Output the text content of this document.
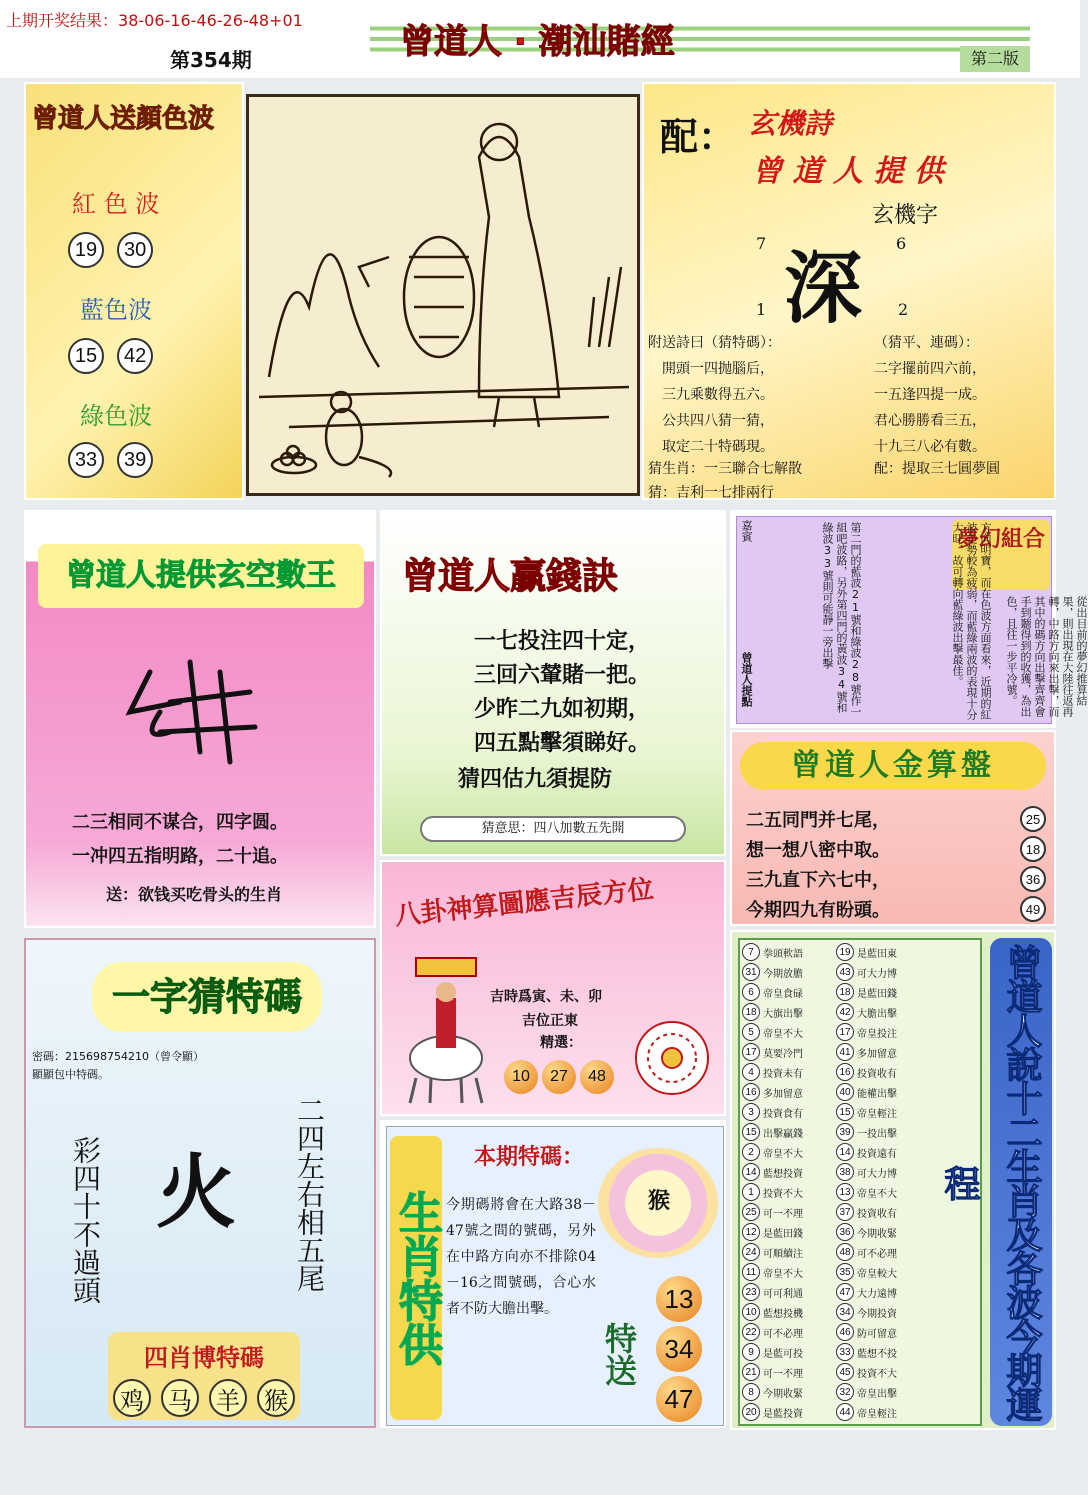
上期开奖结果：38-06-16-46-26-48+01
第354期	曾道人 · 潮汕賭經	第二版
曾道人送顏色波
紅 色 波
19 30
藍色波
15 42
綠色波
33 39
配： 玄機詩
曾 道 人 提 供
玄機字
7	6
深
1	2
附送詩曰（猜特碼）：	（猜平、連碼）：
開頭一四抛腦后，
三九乘數得五六。
公共四八猜一猜，
取定二十特碼現。
二字擺前四六前，
一五逢四提一成。
君心勝勝看三五，
十九三八必有數。
猜生肖：一三聯合七解散	配：提取三七圓夢圓
猜：吉利一七排兩行
曾道人提供玄空數王
二三相同不谋合，四字圆。
一冲四五指明路，二十追。
送：欲钱买吃骨头的生肖
曾道人贏錢訣
一七投注四十定，
三回六輦賭一把。
少昨二九如初期，
四五點擊須睇好。
猜四估九須提防
猜意思：四八加數五先開
夢幻組合
從出目前的夢幻推算結果，則出現在大陸往返再轉，中路方向來出擊，而其中的碼方向出擊齊齊會手到聽得到的收獲，為出色，且往一步平冷號。
方向明寶，而在色波方面看來，近期的紅波走勢較為疲弱，而藍綠兩波的表現十分大旺，故可轉向藍綠波出擊最佳。
第二門的藍波21號和綠波28號作一組吧波路，另外第四門的黃波34號和綠波33號則可能靜一旁出擊
曾道人提點
嘉賓
曾道人金算盤
二五同門并七尾，	25
想一想八密中取。	18
三九直下六七中，	36
今期四九有盼頭。	49
一字猜特碼
密碼：215698754210（曾令顯）
顯顯包中特碼。
火
彩四十不過頭	二四左右相五尾
四肖博特碼
鸡 马 羊 猴
八卦神算圖應吉辰方位
吉時爲寅、未、卯
吉位正東
精選：
10	27	48
生肖特供
本期特碼：
今期碼將會在大路38－47號之間的號碼，另外在中路方向亦不排除04－16之間號碼，合心水者不防大膽出擊。
猴
特送
13
34
47
7 拳頭軟語
31 今期放膽
6 帝皇食碌
18 大旗出擊
5 帝皇不大
17 莫要冷門
4 投資未有
16 多加留意
3 投資食有
15 出擊贏錢
2 帝皇不大
14 藍想投資
1 投資不大
25 可一不理
12 是藍田錢
24 可順續注
11 帝皇不大
23 可可利通
10 藍想投機
22 可不必理
9 是藍可投
21 可一不理
8 今期收緊
20 是藍投資
19 是藍田東
43 可大力博
18 是藍田錢
42 大膽出擊
17 帝皇投注
41 多加留意
16 投資收有
40 能權出擊
15 帝皇輕注
39 一投出擊
14 投資遠有
38 可大力博
13 帝皇不大
37 投資收有
36 今期收緊
48 可不必理
35 帝皇較大
47 大力遠博
34 今期投資
46 防可留意
33 藍想不投
45 投資不大
32 帝皇出擊
44 帝皇輕注	曾道人說十二生肖及各波今期運程
